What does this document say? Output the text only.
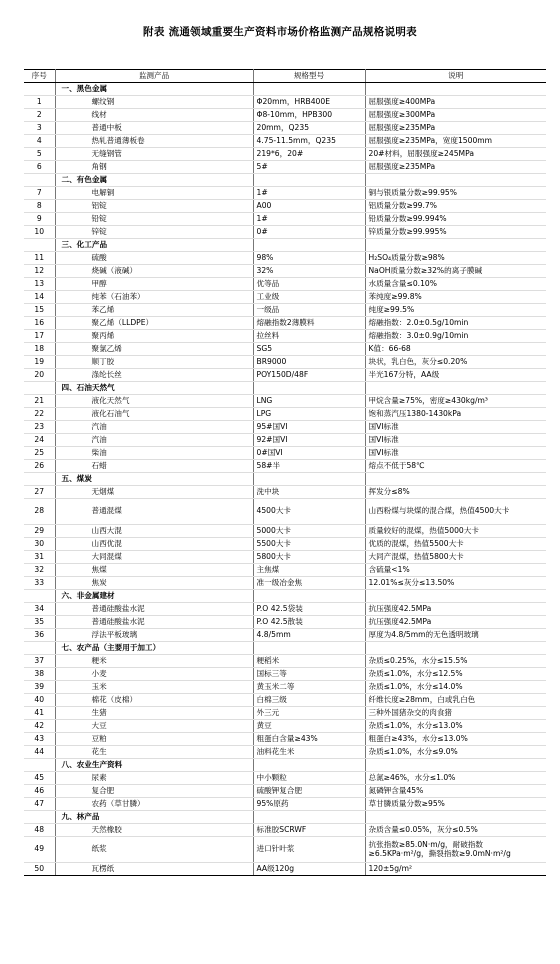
附表 流通领域重要生产资料市场价格监测产品规格说明表
序号	监测产品	规格型号	说明
	一、黑色金属		
1	螺纹钢	Φ20mm，HRB400E	屈服强度≥400MPa
2	线材	Φ8-10mm，HPB300	屈服强度≥300MPa
3	普通中板	20mm，Q235	屈服强度≥235MPa
4	热轧普通薄板卷	4.75-11.5mm，Q235	屈服强度≥235MPa，宽度1500mm
5	无缝钢管	219*6，20#	20#材料，屈服强度≥245MPa
6	角钢	5#	屈服强度≥235MPa
	二、有色金属		
7	电解铜	1#	铜与银质量分数≥99.95%
8	铝锭	A00	铝质量分数≥99.7%
9	铅锭	1#	铅质量分数≥99.994%
10	锌锭	0#	锌质量分数≥99.995%
	三、化工产品		
11	硫酸	98%	H₂SO₄质量分数≥98%
12	烧碱（液碱）	32%	NaOH质量分数≥32%的离子膜碱
13	甲醇	优等品	水质量含量≤0.10%
14	纯苯（石油苯）	工业级	苯纯度≥99.8%
15	苯乙烯	一级品	纯度≥99.5%
16	聚乙烯（LLDPE）	熔融指数2薄膜料	熔融指数：2.0±0.5g/10min
17	聚丙烯	拉丝料	熔融指数：3.0±0.9g/10min
18	聚氯乙烯	SG5	K值：66-68
19	顺丁胶	BR9000	块状，乳白色，灰分≤0.20%
20	涤纶长丝	POY150D/48F	半光167分特，AA级
	四、石油天然气		
21	液化天然气	LNG	甲烷含量≥75%，密度≥430kg/m³
22	液化石油气	LPG	饱和蒸汽压1380-1430kPa
23	汽油	95#国VI	国VI标准
24	汽油	92#国VI	国VI标准
25	柴油	0#国VI	国VI标准
26	石蜡	58#半	熔点不低于58℃
	五、煤炭		
27	无烟煤	洗中块	挥发分≤8%
28	普通混煤	4500大卡	山西粉煤与块煤的混合煤，热值4500大卡
29	山西大混	5000大卡	质量较好的混煤，热值5000大卡
30	山西优混	5500大卡	优质的混煤，热值5500大卡
31	大同混煤	5800大卡	大同产混煤，热值5800大卡
32	焦煤	主焦煤	含硫量<1%
33	焦炭	准一级冶金焦	12.01%≤灰分≤13.50%
	六、非金属建材		
34	普通硅酸盐水泥	P.O 42.5袋装	抗压强度42.5MPa
35	普通硅酸盐水泥	P.O 42.5散装	抗压强度42.5MPa
36	浮法平板玻璃	4.8/5mm	厚度为4.8/5mm的无色透明玻璃
	七、农产品（主要用于加工）		
37	粳米	粳稻米	杂质≤0.25%，水分≤15.5%
38	小麦	国标三等	杂质≤1.0%，水分≤12.5%
39	玉米	黄玉米二等	杂质≤1.0%，水分≤14.0%
40	棉花（皮棉）	白棉三级	纤维长度≥28mm，白或乳白色
41	生猪	外三元	三种外国猪杂交的肉食猪
42	大豆	黄豆	杂质≤1.0%，水分≤13.0%
43	豆粕	粗蛋白含量≥43%	粗蛋白≥43%，水分≤13.0%
44	花生	油料花生米	杂质≤1.0%，水分≤9.0%
	八、农业生产资料		
45	尿素	中小颗粒	总氮≥46%，水分≤1.0%
46	复合肥	硫酸钾复合肥	氮磷钾含量45%
47	农药（草甘膦）	95%原药	草甘膦质量分数≥95%
	九、林产品		
48	天然橡胶	标准胶SCRWF	杂质含量≤0.05%，灰分≤0.5%
49	纸浆	进口针叶浆	抗张指数≥85.0N·m/g，耐破指数≥6.5KPa·m²/g，撕裂指数≥9.0mN·m²/g
50	瓦楞纸	AA级120g	120±5g/m²
